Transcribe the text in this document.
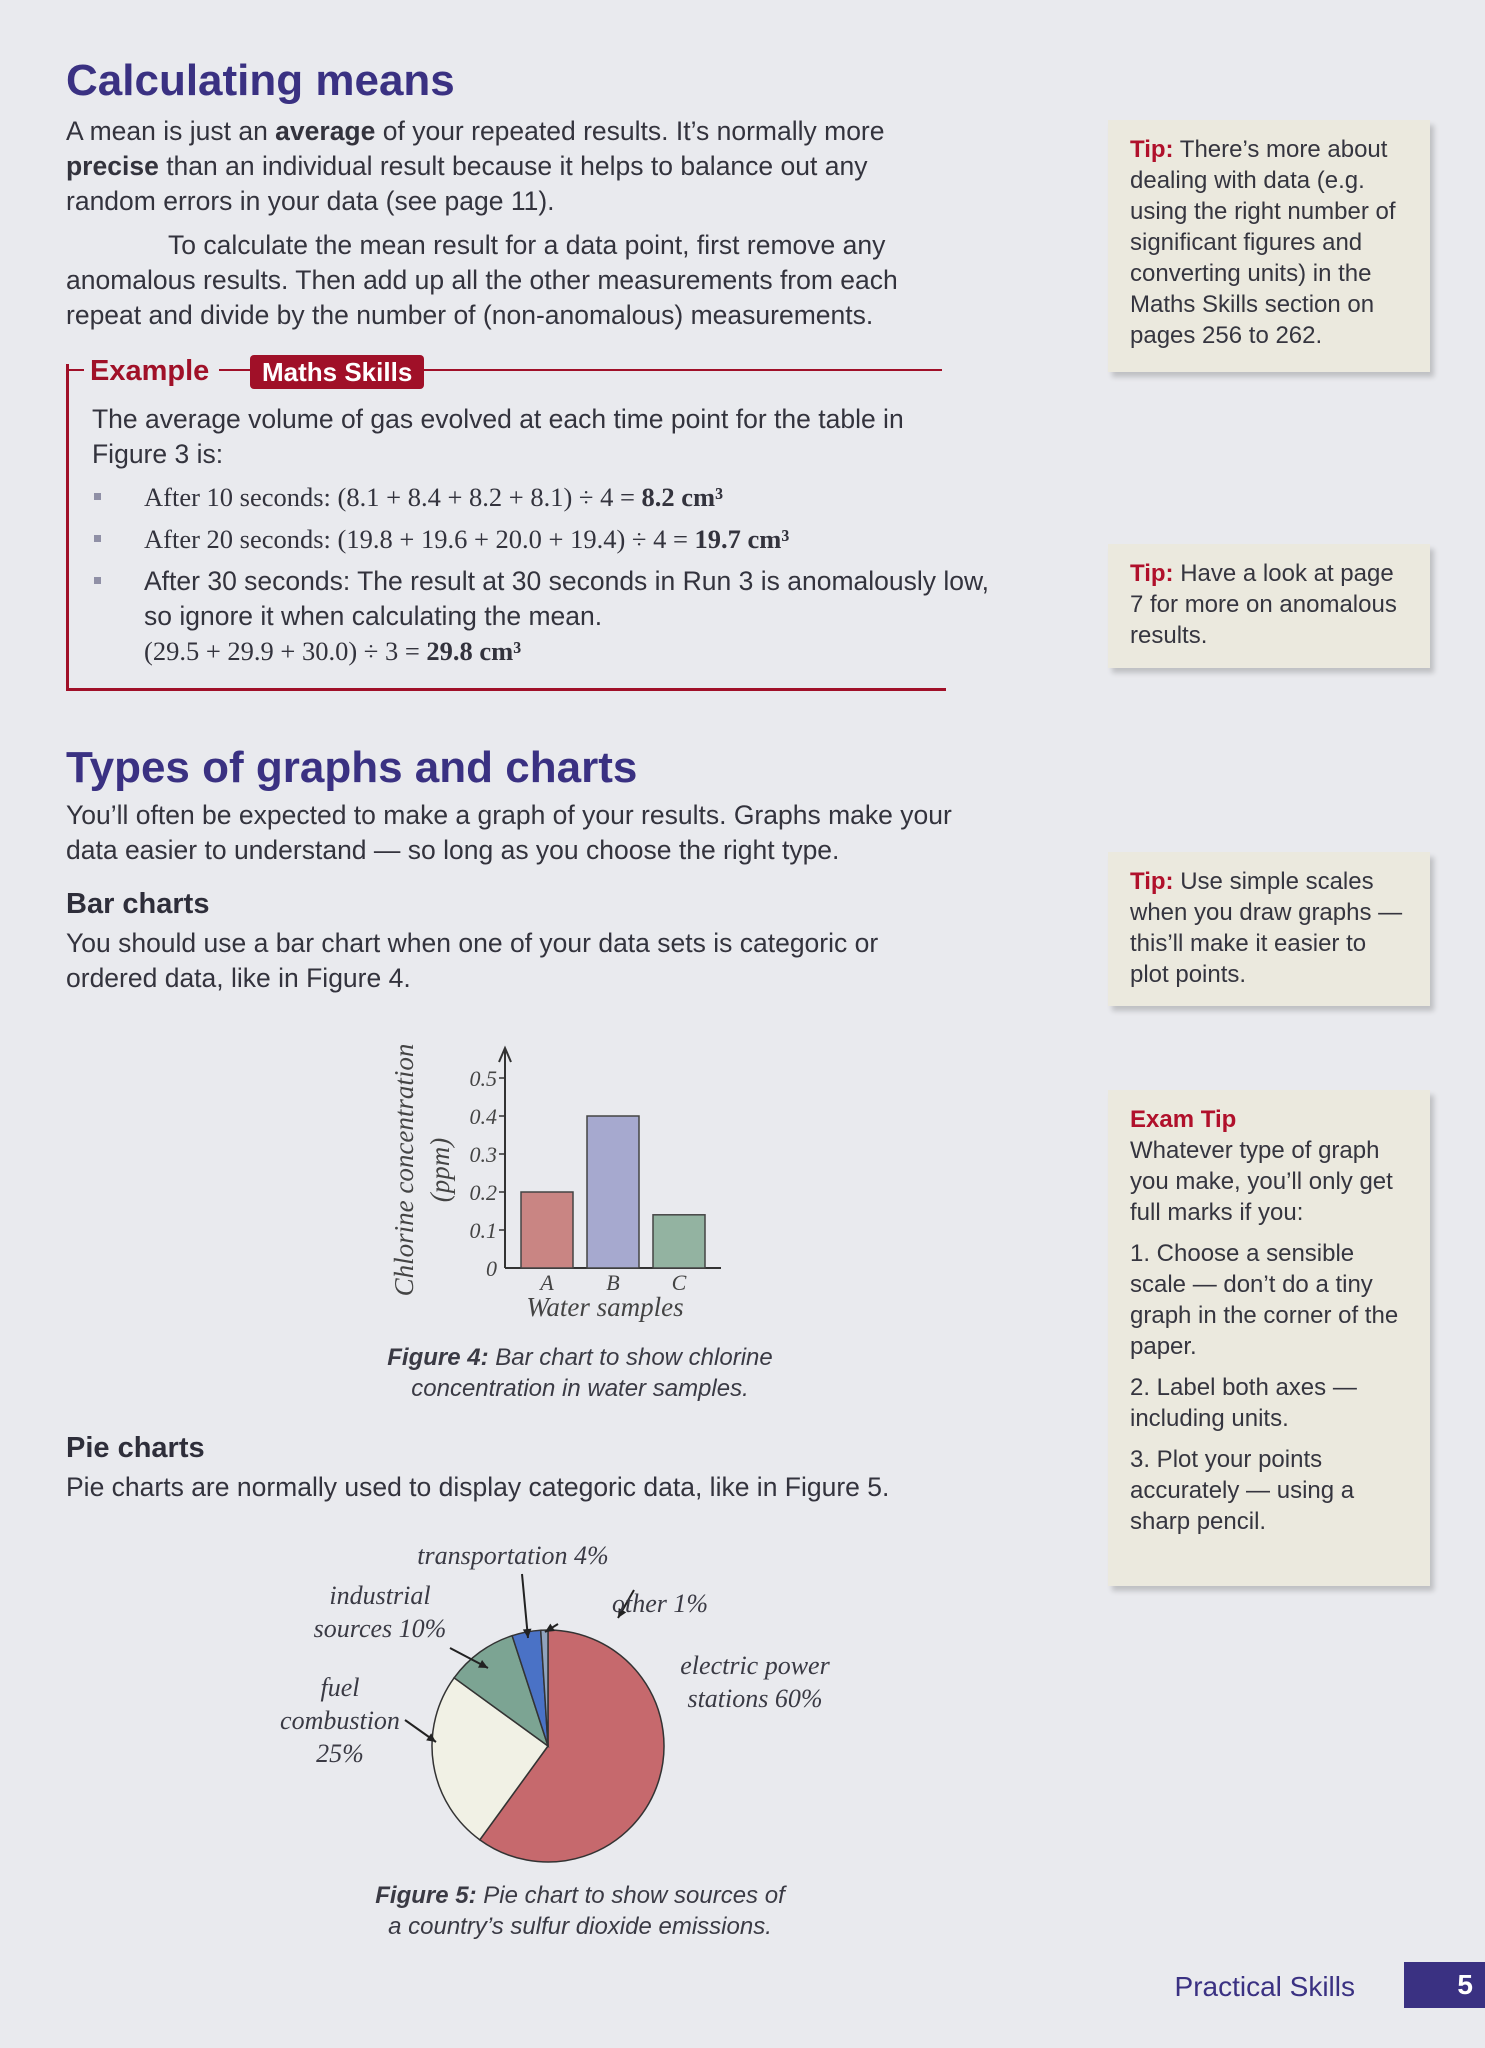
Calculating means
A mean is just an average of your repeated results. It’s normally more precise than an individual result because it helps to balance out any random errors in your data (see page 11).
To calculate the mean result for a data point, first remove any anomalous results. Then add up all the other measurements from each repeat and divide by the number of (non-anomalous) measurements.
Example	Maths Skills
The average volume of gas evolved at each time point for the table in Figure 3 is:
After 10 seconds: (8.1 + 8.4 + 8.2 + 8.1) ÷ 4 = 8.2 cm³
After 20 seconds: (19.8 + 19.6 + 20.0 + 19.4) ÷ 4 = 19.7 cm³
After 30 seconds: The result at 30 seconds in Run 3 is anomalously low,
so ignore it when calculating the mean.
(29.5 + 29.9 + 30.0) ÷ 3 = 29.8 cm³
Types of graphs and charts
You’ll often be expected to make a graph of your results. Graphs make your data easier to understand — so long as you choose the right type.
Bar charts
You should use a bar chart when one of your data sets is categoric or ordered data, like in Figure 4.
0
0.1
0.2
0.3
0.4
0.5
A B C
Water samples
Chlorine concentration (ppm)
Figure 4: Bar chart to show chlorine
concentration in water samples.
Pie charts
Pie charts are normally used to display categoric data, like in Figure 5.
electric power
stations 60%
fuel
combustion
25%
industrial
sources 10%
transportation 4%
other 1%
Figure 5: Pie chart to show sources of
a country’s sulfur dioxide emissions.
Tip: There’s more about dealing with data (e.g. using the right number of significant figures and converting units) in the Maths Skills section on pages 256 to 262.
Tip: Have a look at page 7 for more on anomalous results.
Tip: Use simple scales when you draw graphs — this’ll make it easier to plot points.
Exam Tip

Whatever type of graph you make, you’ll only get full marks if you:

1. Choose a sensible scale — don’t do a tiny graph in the corner of the paper.

2. Label both axes — including units.

3. Plot your points accurately — using a sharp pencil.

Practical Skills	5
